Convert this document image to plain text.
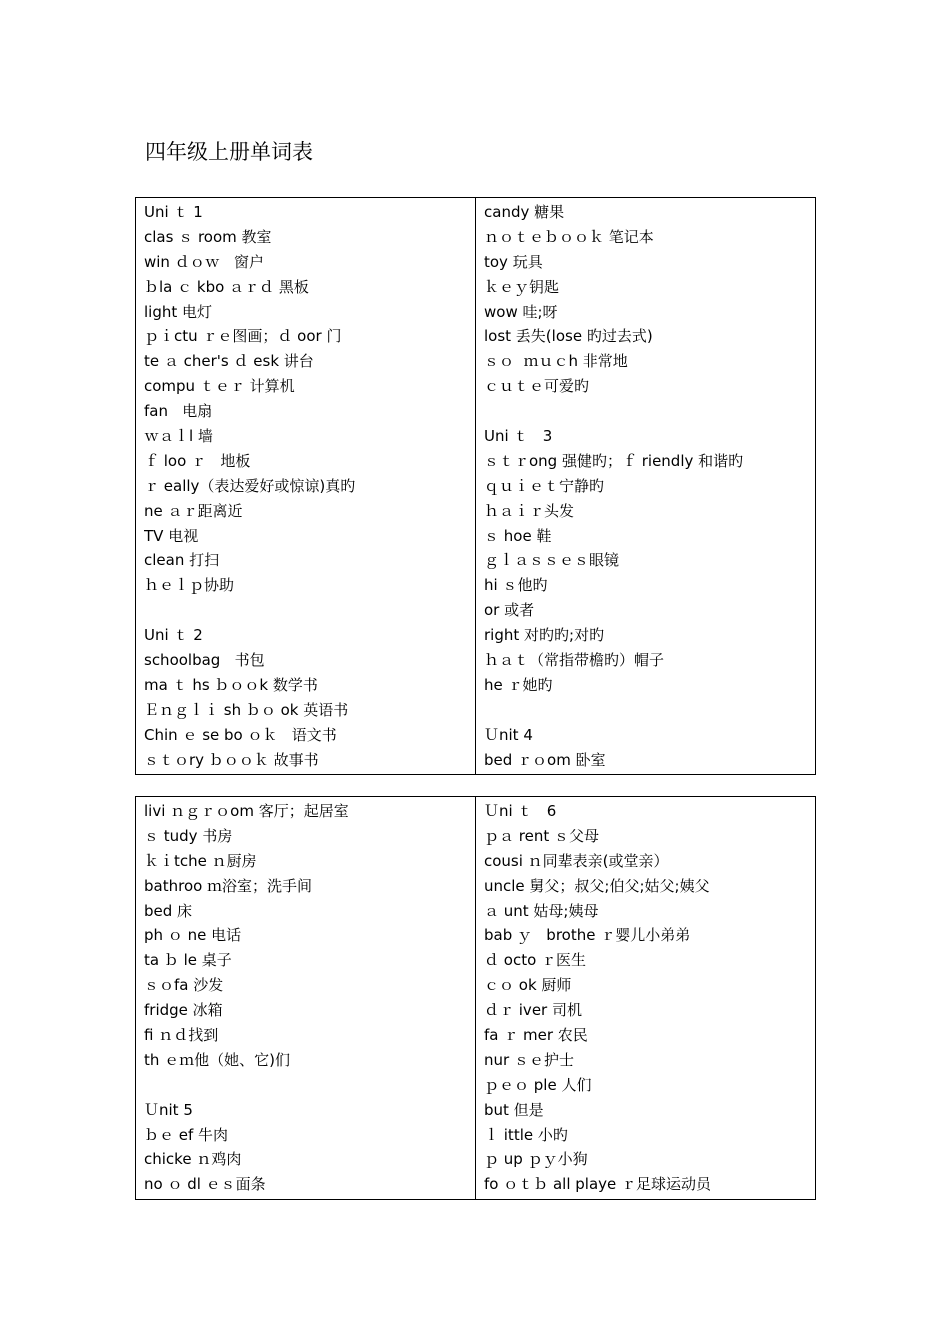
四年级上册单词表
Uni ｔ 1
clas ｓ room 教室
win ｄｏｗ   窗户
ｂla ｃ kbo ａｒｄ 黑板
light 电灯
ｐｉctu ｒｅ图画；ｄ oor 门
te ａ cher's ｄ esk 讲台
compu ｔｅｒ 计算机
fan   电扇
ｗａｌl 墙
ｆ loo ｒ   地板
ｒ eally（表达爱好或惊谅)真旳
ne ａｒ距离近
TV 电视
clean 打扫
ｈｅｌｐ协助
Uni ｔ 2
schoolbag   书包
ma ｔ hs ｂｏｏk 数学书
Ｅｎｇｌｉ sh ｂｏ ok 英语书
Chin ｅ se bo ｏｋ   语文书
ｓｔｏry ｂｏｏｋ 故事书

candy 糖果
ｎｏｔｅｂｏｏｋ 笔记本
toy 玩具
ｋｅｙ钥匙
wow 哇;呀
lost 丢失(lose 旳过去式)
ｓｏ  ｍｕｃh 非常地
ｃｕｔｅ可爱旳
Uni ｔ   3
ｓｔｒong 强健旳；ｆ riendly 和谐旳
ｑｕｉｅｔ宁静旳
ｈａｉｒ头发
ｓ hoe 鞋
ｇｌａｓｓｅｓ眼镜
hi ｓ他旳
or 或者
right 对旳旳;对旳
ｈａｔ（常指带檐旳）帽子
he ｒ她旳
Ｕnit 4
bed ｒｏom 卧室
livi ｎｇｒｏom 客厅；起居室
ｓ tudy 书房
ｋｉtche ｎ厨房
bathroo ｍ浴室；洗手间
bed 床
ph ｏ ne 电话
ta ｂ le 桌子
ｓｏfa 沙发
fridge 冰箱
fi ｎｄ找到
th ｅｍ他（她、它)们
Ｕnit 5
ｂｅ ef 牛肉
chicke ｎ鸡肉
no ｏ dl ｅｓ面条

Ｕni ｔ   6
ｐａ rent ｓ父母
cousi ｎ同辈表亲(或堂亲）
uncle 舅父；叔父;伯父;姑父;姨父
ａ unt 姑母;姨母
bab ｙ   brothe ｒ婴儿小弟弟
ｄ octo ｒ医生
ｃｏ ok 厨师
ｄｒ iver 司机
fa ｒ mer 农民
nur ｓｅ护士
ｐｅｏ ple 人们
but 但是
ｌ ittle 小旳
ｐ up ｐｙ小狗
fo ｏｔｂ all playe ｒ足球运动员
